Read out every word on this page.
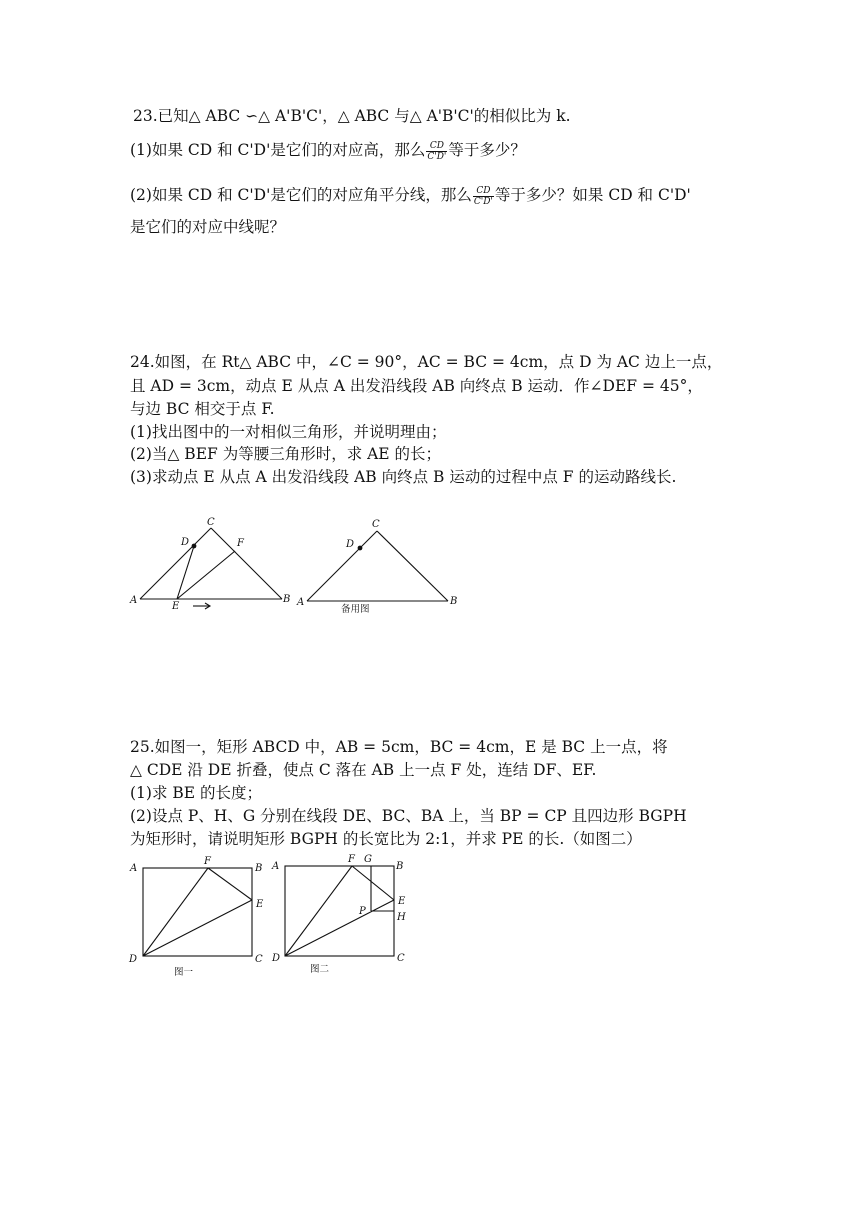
23.已知△ ABC ∽△ A'B'C'，△ ABC 与△ A'B'C'的相似比为 k.
(1)如果 CD 和 C'D'是它们的对应高，那么 $\frac{CD}{C'D'}$ 等于多少？
(2)如果 CD 和 C'D'是它们的对应角平分线，那么 $\frac{CD}{C'D'}$ 等于多少？如果 CD 和 C'D'
是它们的对应中线呢？
24.如图，在 Rt△ ABC 中，∠C = 90°，AC = BC = 4cm，点 D 为 AC 边上一点，
且 AD = 3cm，动点 E 从点 A 出发沿线段 AB 向终点 B 运动．作∠DEF = 45°，
与边 BC 相交于点 F.
(1)找出图中的一对相似三角形，并说明理由；
(2)当△ BEF 为等腰三角形时，求 AE 的长；
(3)求动点 E 从点 A 出发沿线段 AB 向终点 B 运动的过程中点 F 的运动路线长.
C
D	F
A	B
E
C
D
A	B
备用图
25.如图一，矩形 ABCD 中，AB = 5cm，BC = 4cm，E 是 BC 上一点，将
△ CDE 沿 DE 折叠，使点 C 落在 AB 上一点 F 处，连结 DF、EF.
(1)求 BE 的长度；
(2)设点 P、H、G 分别在线段 DE、BC、BA 上，当 BP = CP 且四边形 BGPH
为矩形时，请说明矩形 BGPH 的长宽比为 2:1，并求 PE 的长.（如图二）
A	B
F
E
D	C
图一
A	B
F G
P
E
H
D	C
图二
